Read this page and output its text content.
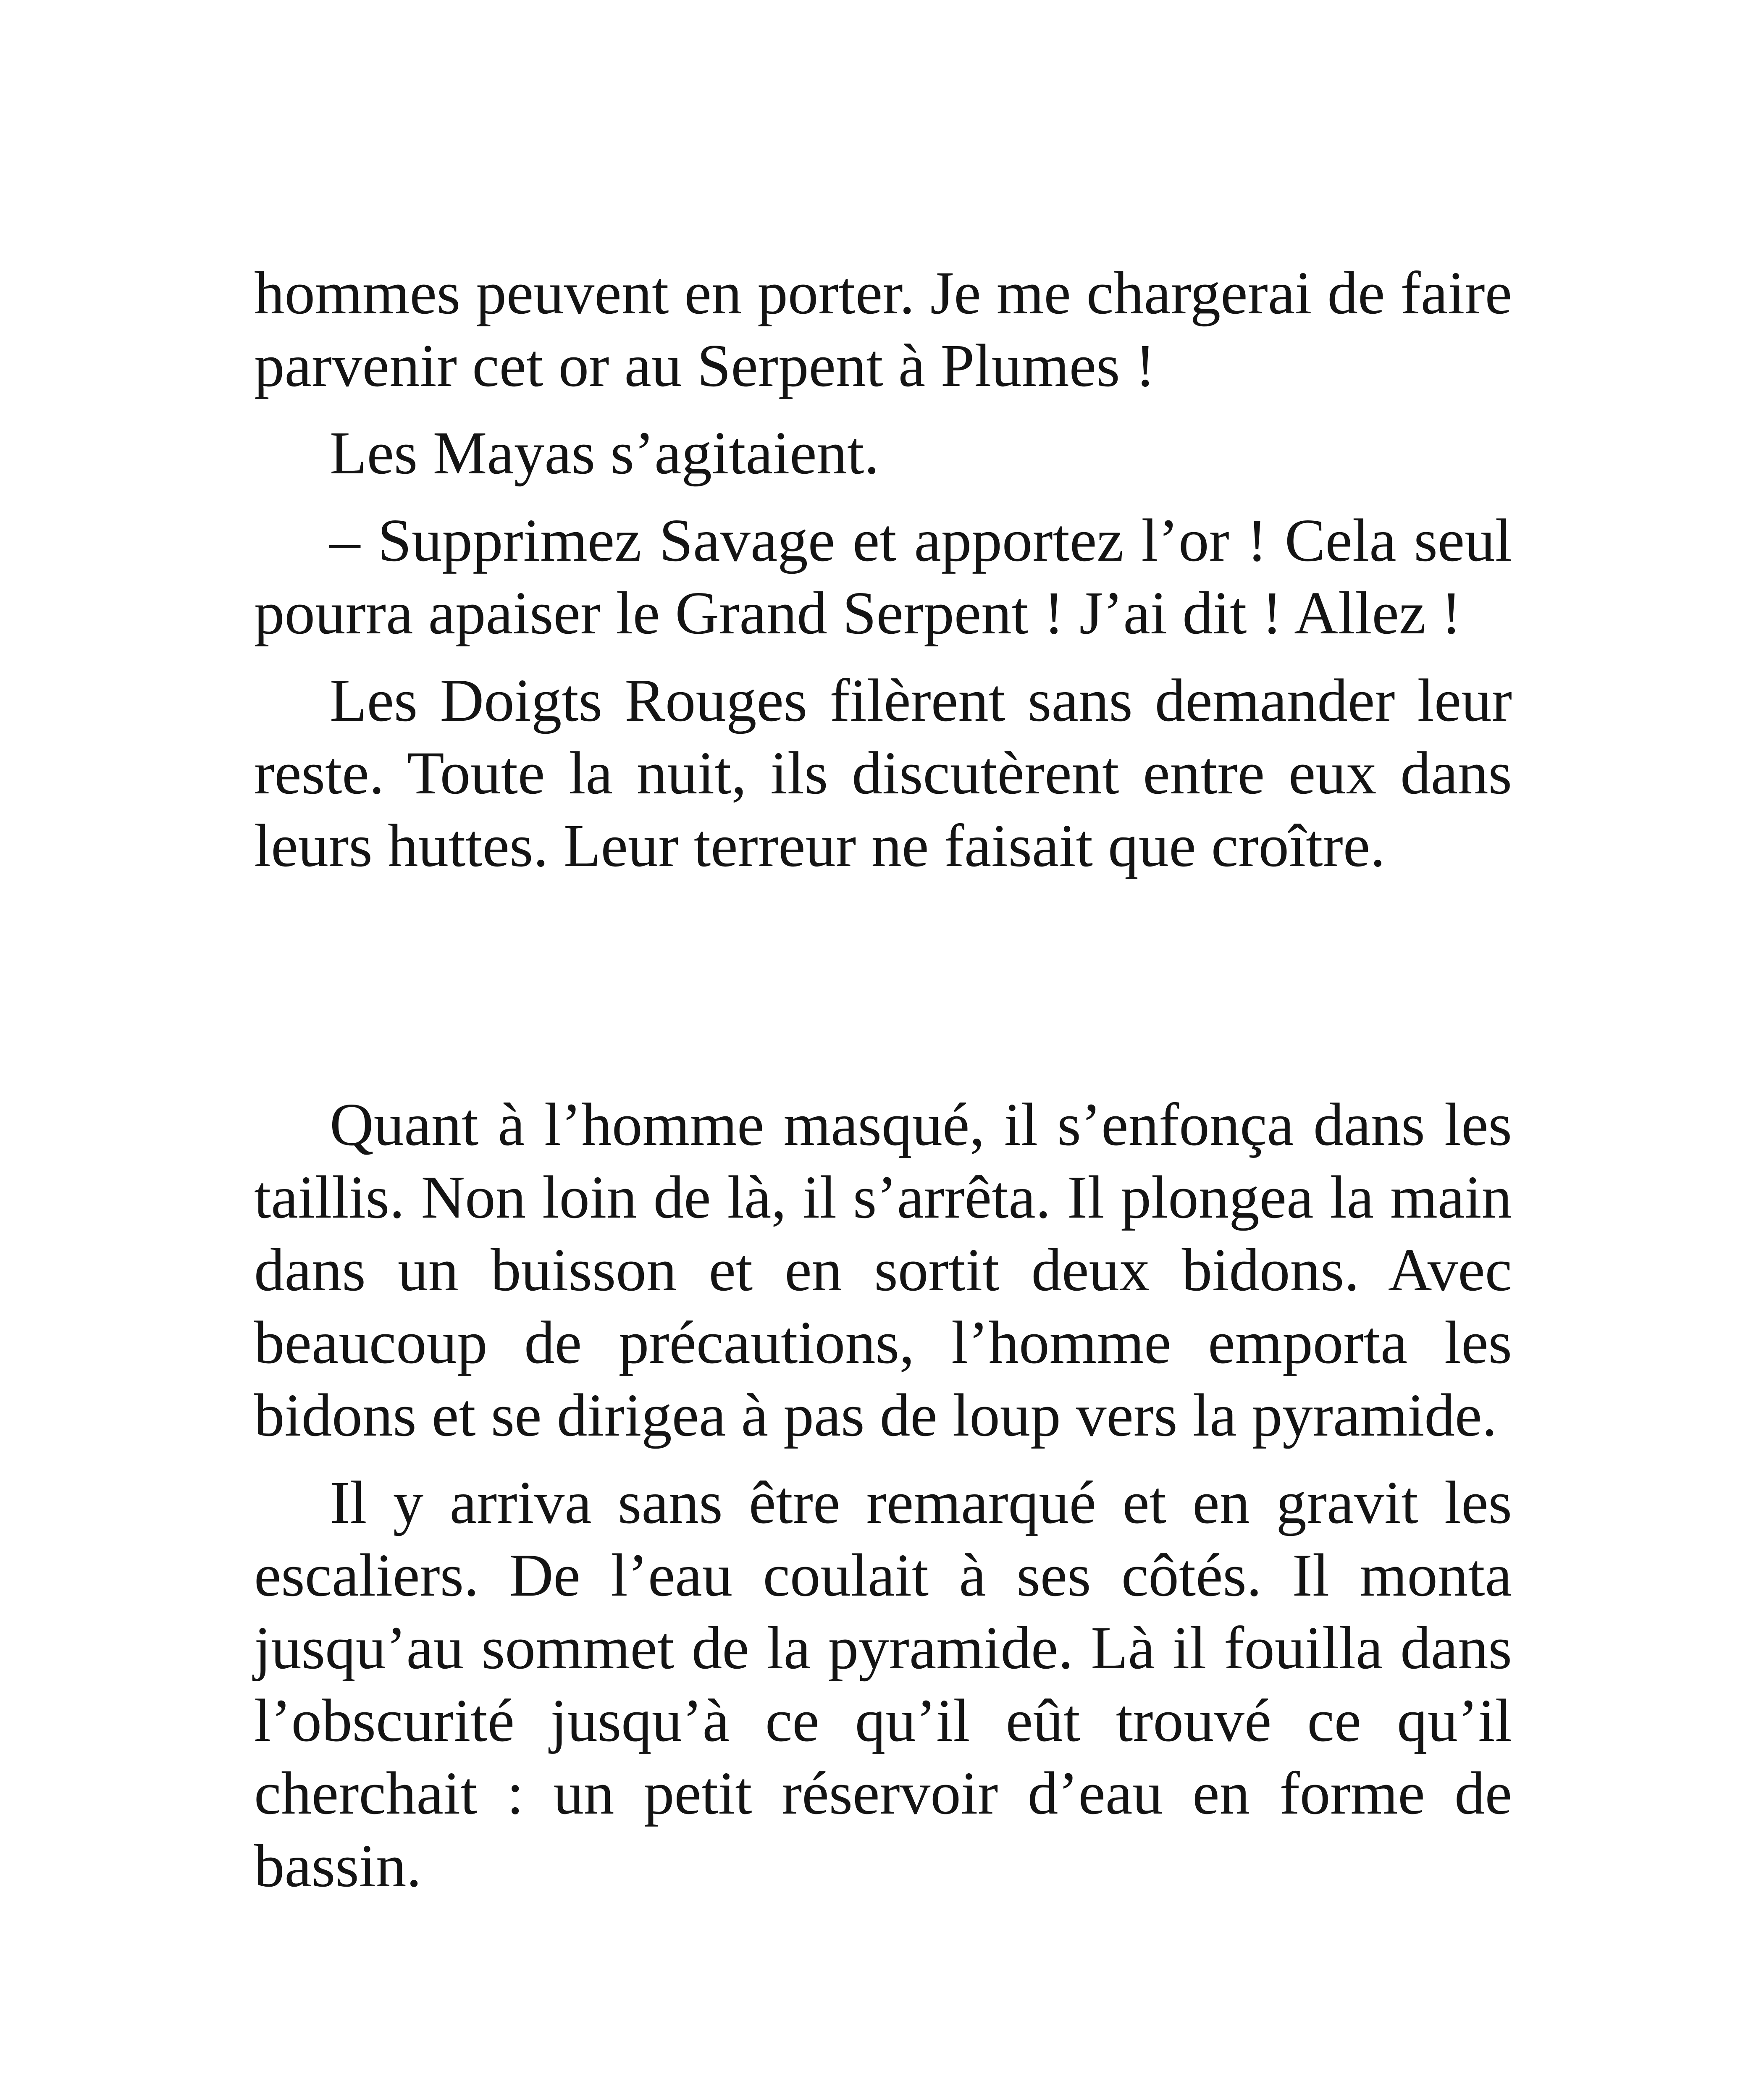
hommes peuvent en porter. Je me chargerai de faire parvenir cet or au Serpent à Plumes !

Les Mayas s’agitaient.

– Supprimez Savage et apportez l’or ! Cela seul pourra apaiser le Grand Serpent ! J’ai dit ! Allez !

Les Doigts Rouges filèrent sans demander leur reste. Toute la nuit, ils discutèrent entre eux dans leurs huttes. Leur terreur ne faisait que croître.

Quant à l’homme masqué, il s’enfonça dans les taillis. Non loin de là, il s’arrêta. Il plongea la main dans un buisson et en sortit deux bidons. Avec beaucoup de précautions, l’homme emporta les bidons et se dirigea à pas de loup vers la pyramide.

Il y arriva sans être remarqué et en gravit les escaliers. De l’eau coulait à ses côtés. Il monta jusqu’au sommet de la pyramide. Là il fouilla dans l’obscurité jusqu’à ce qu’il eût trouvé ce qu’il cherchait : un petit réservoir d’eau en forme de bassin.
